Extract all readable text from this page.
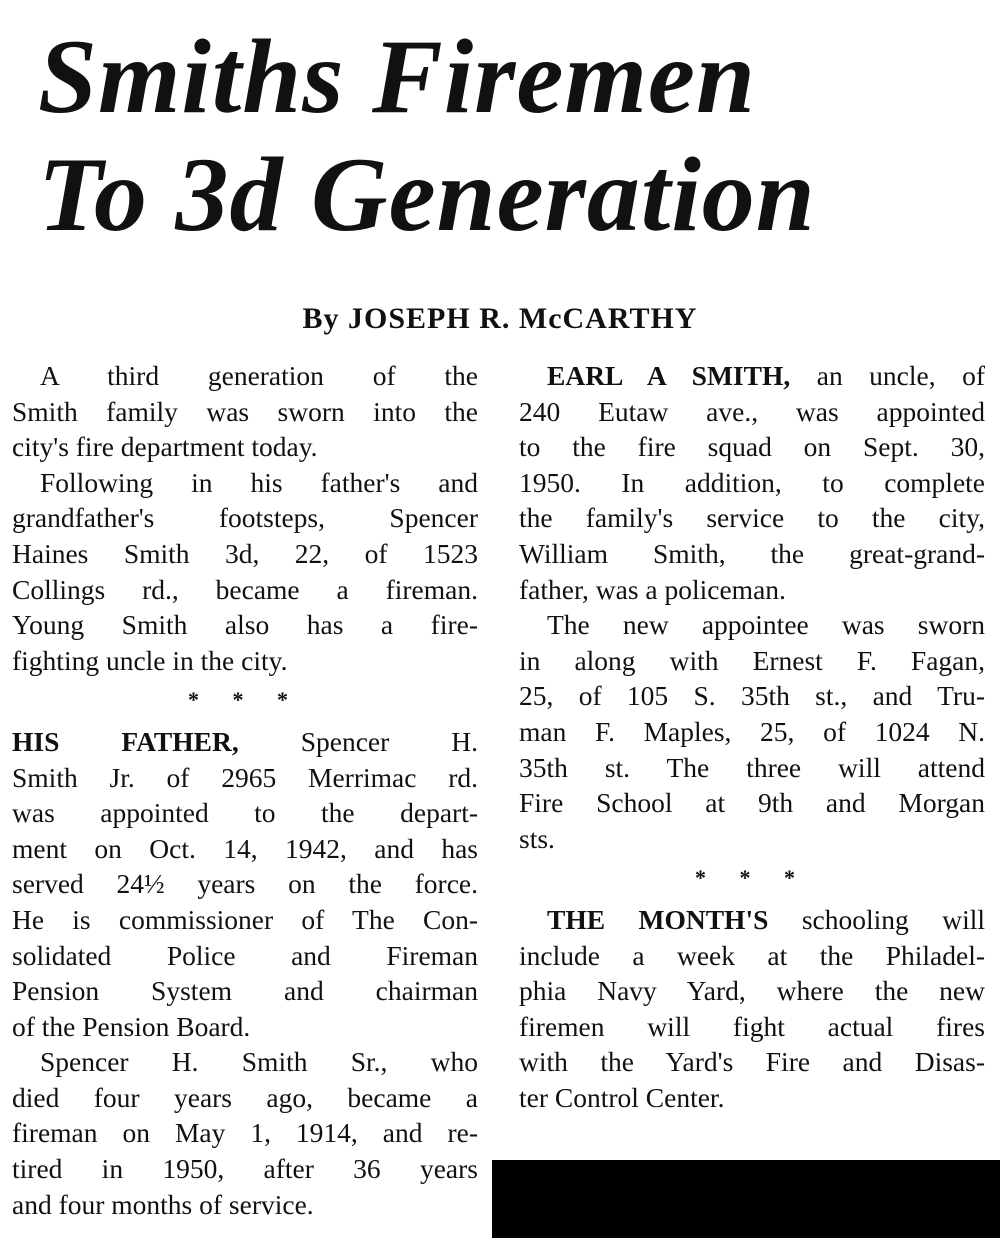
Smiths Firemen
To 3d Generation
By JOSEPH R. McCARTHY
A third generation of the
Smith family was sworn into the
city's fire department today.
Following in his father's and
grandfather's footsteps, Spencer
Haines Smith 3d, 22, of 1523
Collings rd., became a fireman.
Young Smith also has a fire-
fighting uncle in the city.
* * *
HIS FATHER, Spencer H.
Smith Jr. of 2965 Merrimac rd.
was appointed to the depart-
ment on Oct. 14, 1942, and has
served 24½ years on the force.
He is commissioner of The Con-
solidated Police and Fireman
Pension System and chairman
of the Pension Board.
Spencer H. Smith Sr., who
died four years ago, became a
fireman on May 1, 1914, and re-
tired in 1950, after 36 years
and four months of service.
EARL A SMITH, an uncle, of
240 Eutaw ave., was appointed
to the fire squad on Sept. 30,
1950. In addition, to complete
the family's service to the city,
William Smith, the great-grand-
father, was a policeman.
The new appointee was sworn
in along with Ernest F. Fagan,
25, of 105 S. 35th st., and Tru-
man F. Maples, 25, of 1024 N.
35th st. The three will attend
Fire School at 9th and Morgan
sts.
* * *
THE MONTH'S schooling will
include a week at the Philadel-
phia Navy Yard, where the new
firemen will fight actual fires
with the Yard's Fire and Disas-
ter Control Center.
